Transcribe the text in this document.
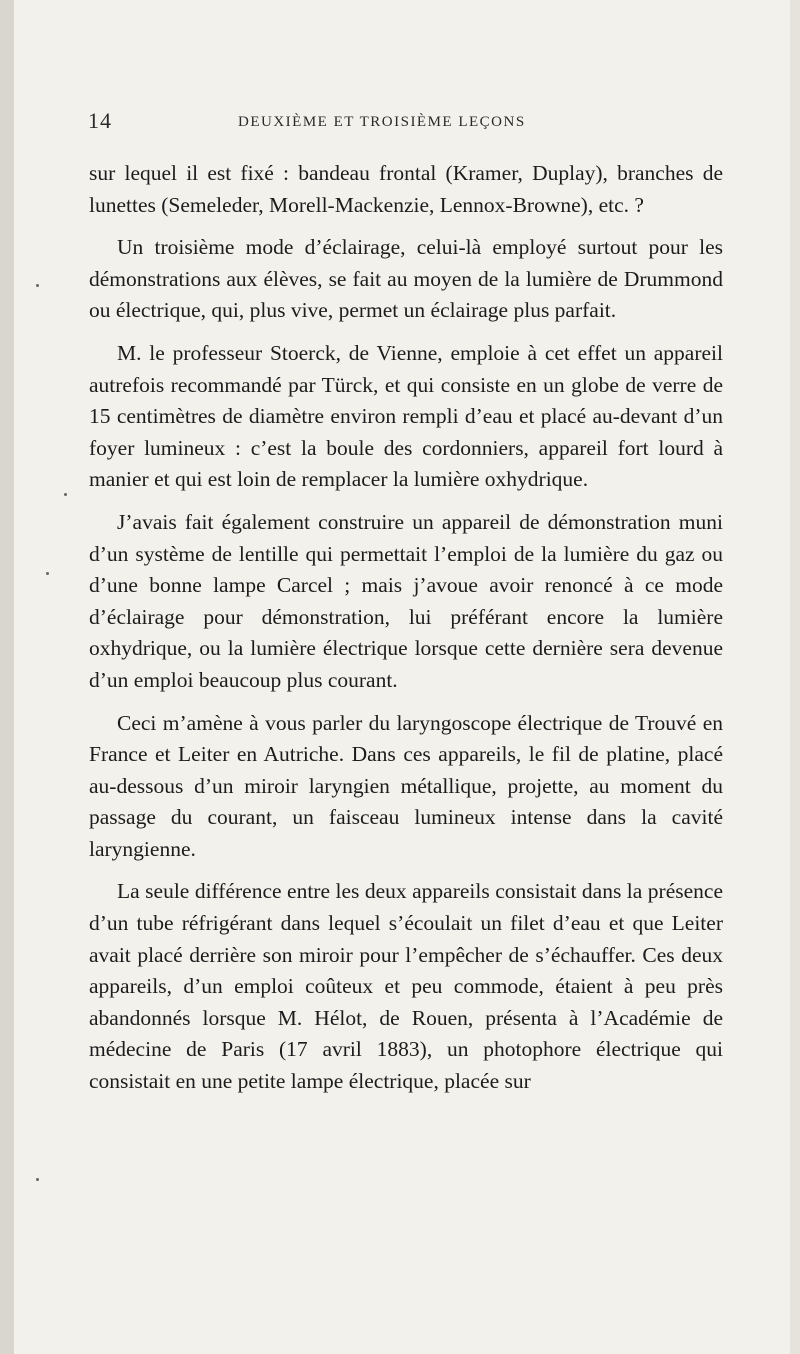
14	DEUXIÈME ET TROISIÈME LEÇONS

sur lequel il est fixé : bandeau frontal (Kramer, Duplay), branches de lunettes (Semeleder, Morell-Mackenzie, Lennox-Browne), etc. ?

Un troisième mode d’éclairage, celui-là employé surtout pour les démonstrations aux élèves, se fait au moyen de la lumière de Drummond ou électrique, qui, plus vive, permet un éclairage plus parfait.

M. le professeur Stoerck, de Vienne, emploie à cet effet un appareil autrefois recommandé par Türck, et qui consiste en un globe de verre de 15 centimètres de diamètre environ rempli d’eau et placé au-devant d’un foyer lumineux : c’est la boule des cordonniers, appareil fort lourd à manier et qui est loin de remplacer la lumière oxhydrique.

J’avais fait également construire un appareil de démonstration muni d’un système de lentille qui permettait l’emploi de la lumière du gaz ou d’une bonne lampe Carcel ; mais j’avoue avoir renoncé à ce mode d’éclairage pour démonstration, lui préférant encore la lumière oxhydrique, ou la lumière électrique lorsque cette dernière sera devenue d’un emploi beaucoup plus courant.

Ceci m’amène à vous parler du laryngoscope électrique de Trouvé en France et Leiter en Autriche. Dans ces appareils, le fil de platine, placé au-dessous d’un miroir laryngien métallique, projette, au moment du passage du courant, un faisceau lumineux intense dans la cavité laryngienne.

La seule différence entre les deux appareils consistait dans la présence d’un tube réfrigérant dans lequel s’écoulait un filet d’eau et que Leiter avait placé derrière son miroir pour l’empêcher de s’échauffer. Ces deux appareils, d’un emploi coûteux et peu commode, étaient à peu près abandonnés lorsque M. Hélot, de Rouen, présenta à l’Académie de médecine de Paris (17 avril 1883), un photophore électrique qui consistait en une petite lampe électrique, placée sur
